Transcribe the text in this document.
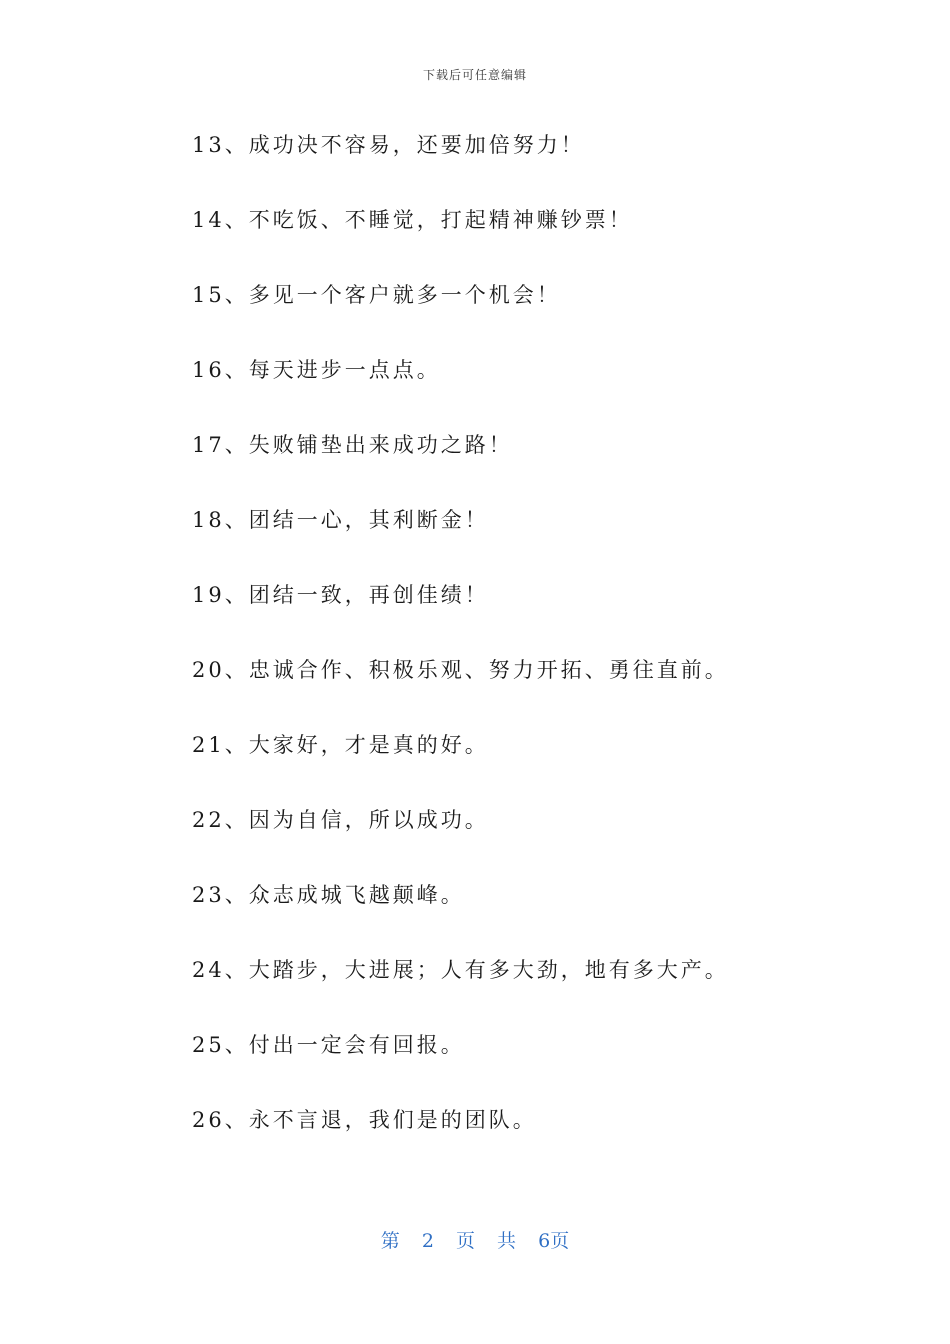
下载后可任意编辑
13、成功决不容易，还要加倍努力！
14、不吃饭、不睡觉，打起精神赚钞票！
15、多见一个客户就多一个机会！
16、每天进步一点点。
17、失败铺垫出来成功之路！
18、团结一心，其利断金！
19、团结一致，再创佳绩！
20、忠诚合作、积极乐观、努力开拓、勇往直前。
21、大家好，才是真的好。
22、因为自信，所以成功。
23、众志成城飞越颠峰。
24、大踏步，大进展；人有多大劲，地有多大产。
25、付出一定会有回报。
26、永不言退，我们是的团队。
第 2 页 共 6页
